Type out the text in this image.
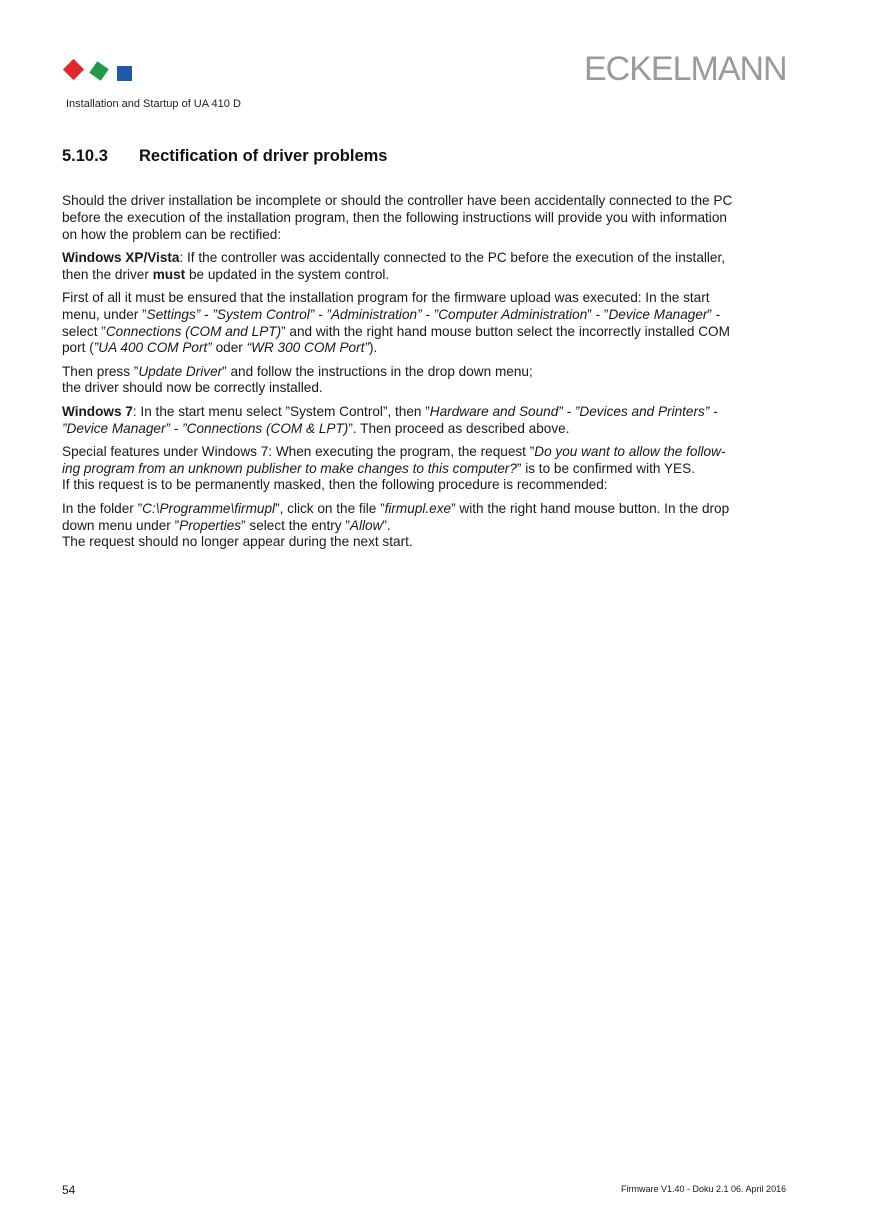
ECKELMANN
Installation and Startup of UA 410 D
5.10.3 Rectification of driver problems

Should the driver installation be incomplete or should the controller have been accidentally connected to the PC
before the execution of the installation program, then the following instructions will provide you with information
on how the problem can be rectified:

Windows XP/Vista: If the controller was accidentally connected to the PC before the execution of the installer,
then the driver must be updated in the system control.

First of all it must be ensured that the installation program for the firmware upload was executed: In the start
menu, under ”Settings” - ”System Control” - ”Administration” - ”Computer Administration” - ”Device Manager” -
select ”Connections (COM and LPT)” and with the right hand mouse button select the incorrectly installed COM
port (”UA 400 COM Port” oder “WR 300 COM Port”).

Then press ”Update Driver” and follow the instructions in the drop down menu;
the driver should now be correctly installed.

Windows 7: In the start menu select ”System Control”, then ”Hardware and Sound” - ”Devices and Printers” -
”Device Manager” - ”Connections (COM & LPT)”. Then proceed as described above.

Special features under Windows 7: When executing the program, the request ”Do you want to allow the follow-
ing program from an unknown publisher to make changes to this computer?” is to be confirmed with YES.
If this request is to be permanently masked, then the following procedure is recommended:

In the folder ”C:\Programme\firmupl”, click on the file ”firmupl.exe” with the right hand mouse button. In the drop
down menu under ”Properties” select the entry ”Allow”.
The request should no longer appear during the next start.

54	Firmware V1.40 - Doku 2.1 06. April 2016
